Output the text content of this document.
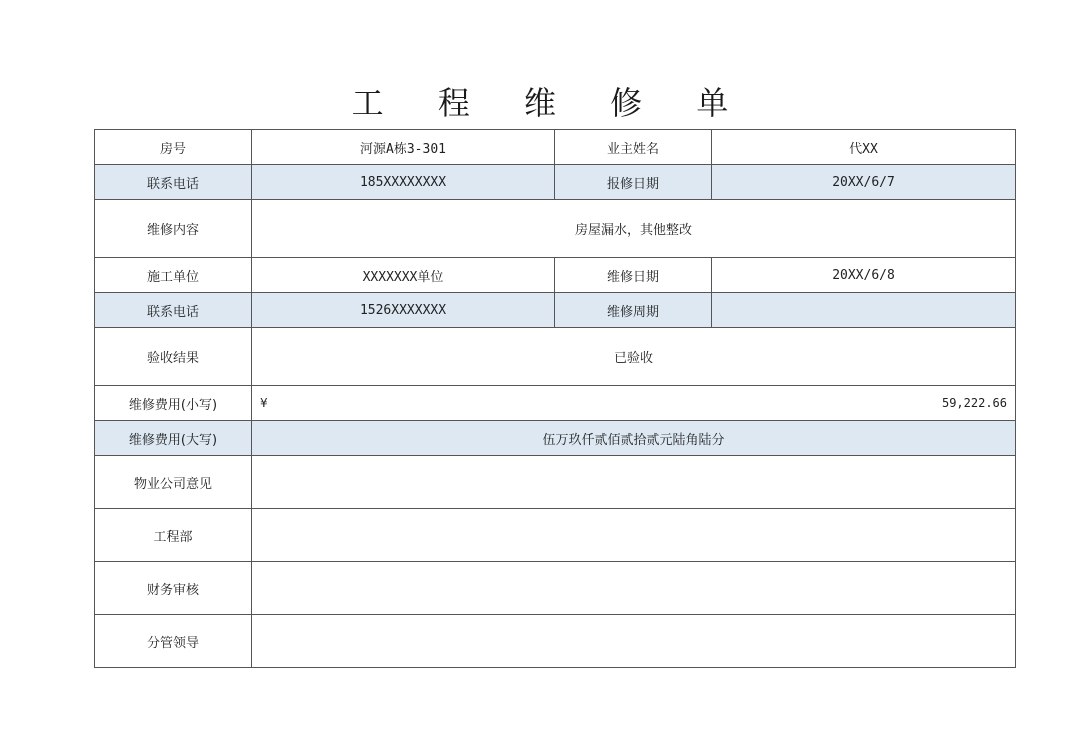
工 程 维 修 单
房号	河源A栋3-301	业主姓名	代XX
联系电话	185XXXXXXXX	报修日期	20XX/6/7
维修内容	房屋漏水，其他整改		
施工单位	XXXXXXX单位	维修日期	20XX/6/8
联系电话	1526XXXXXXX	维修周期	
验收结果	已验收		
维修费用(小写)	¥ 59,222.66		

维修费用(大写)	伍万玖仟贰佰贰拾贰元陆角陆分		
物业公司意见			
工程部			
财务审核			
分管领导			
